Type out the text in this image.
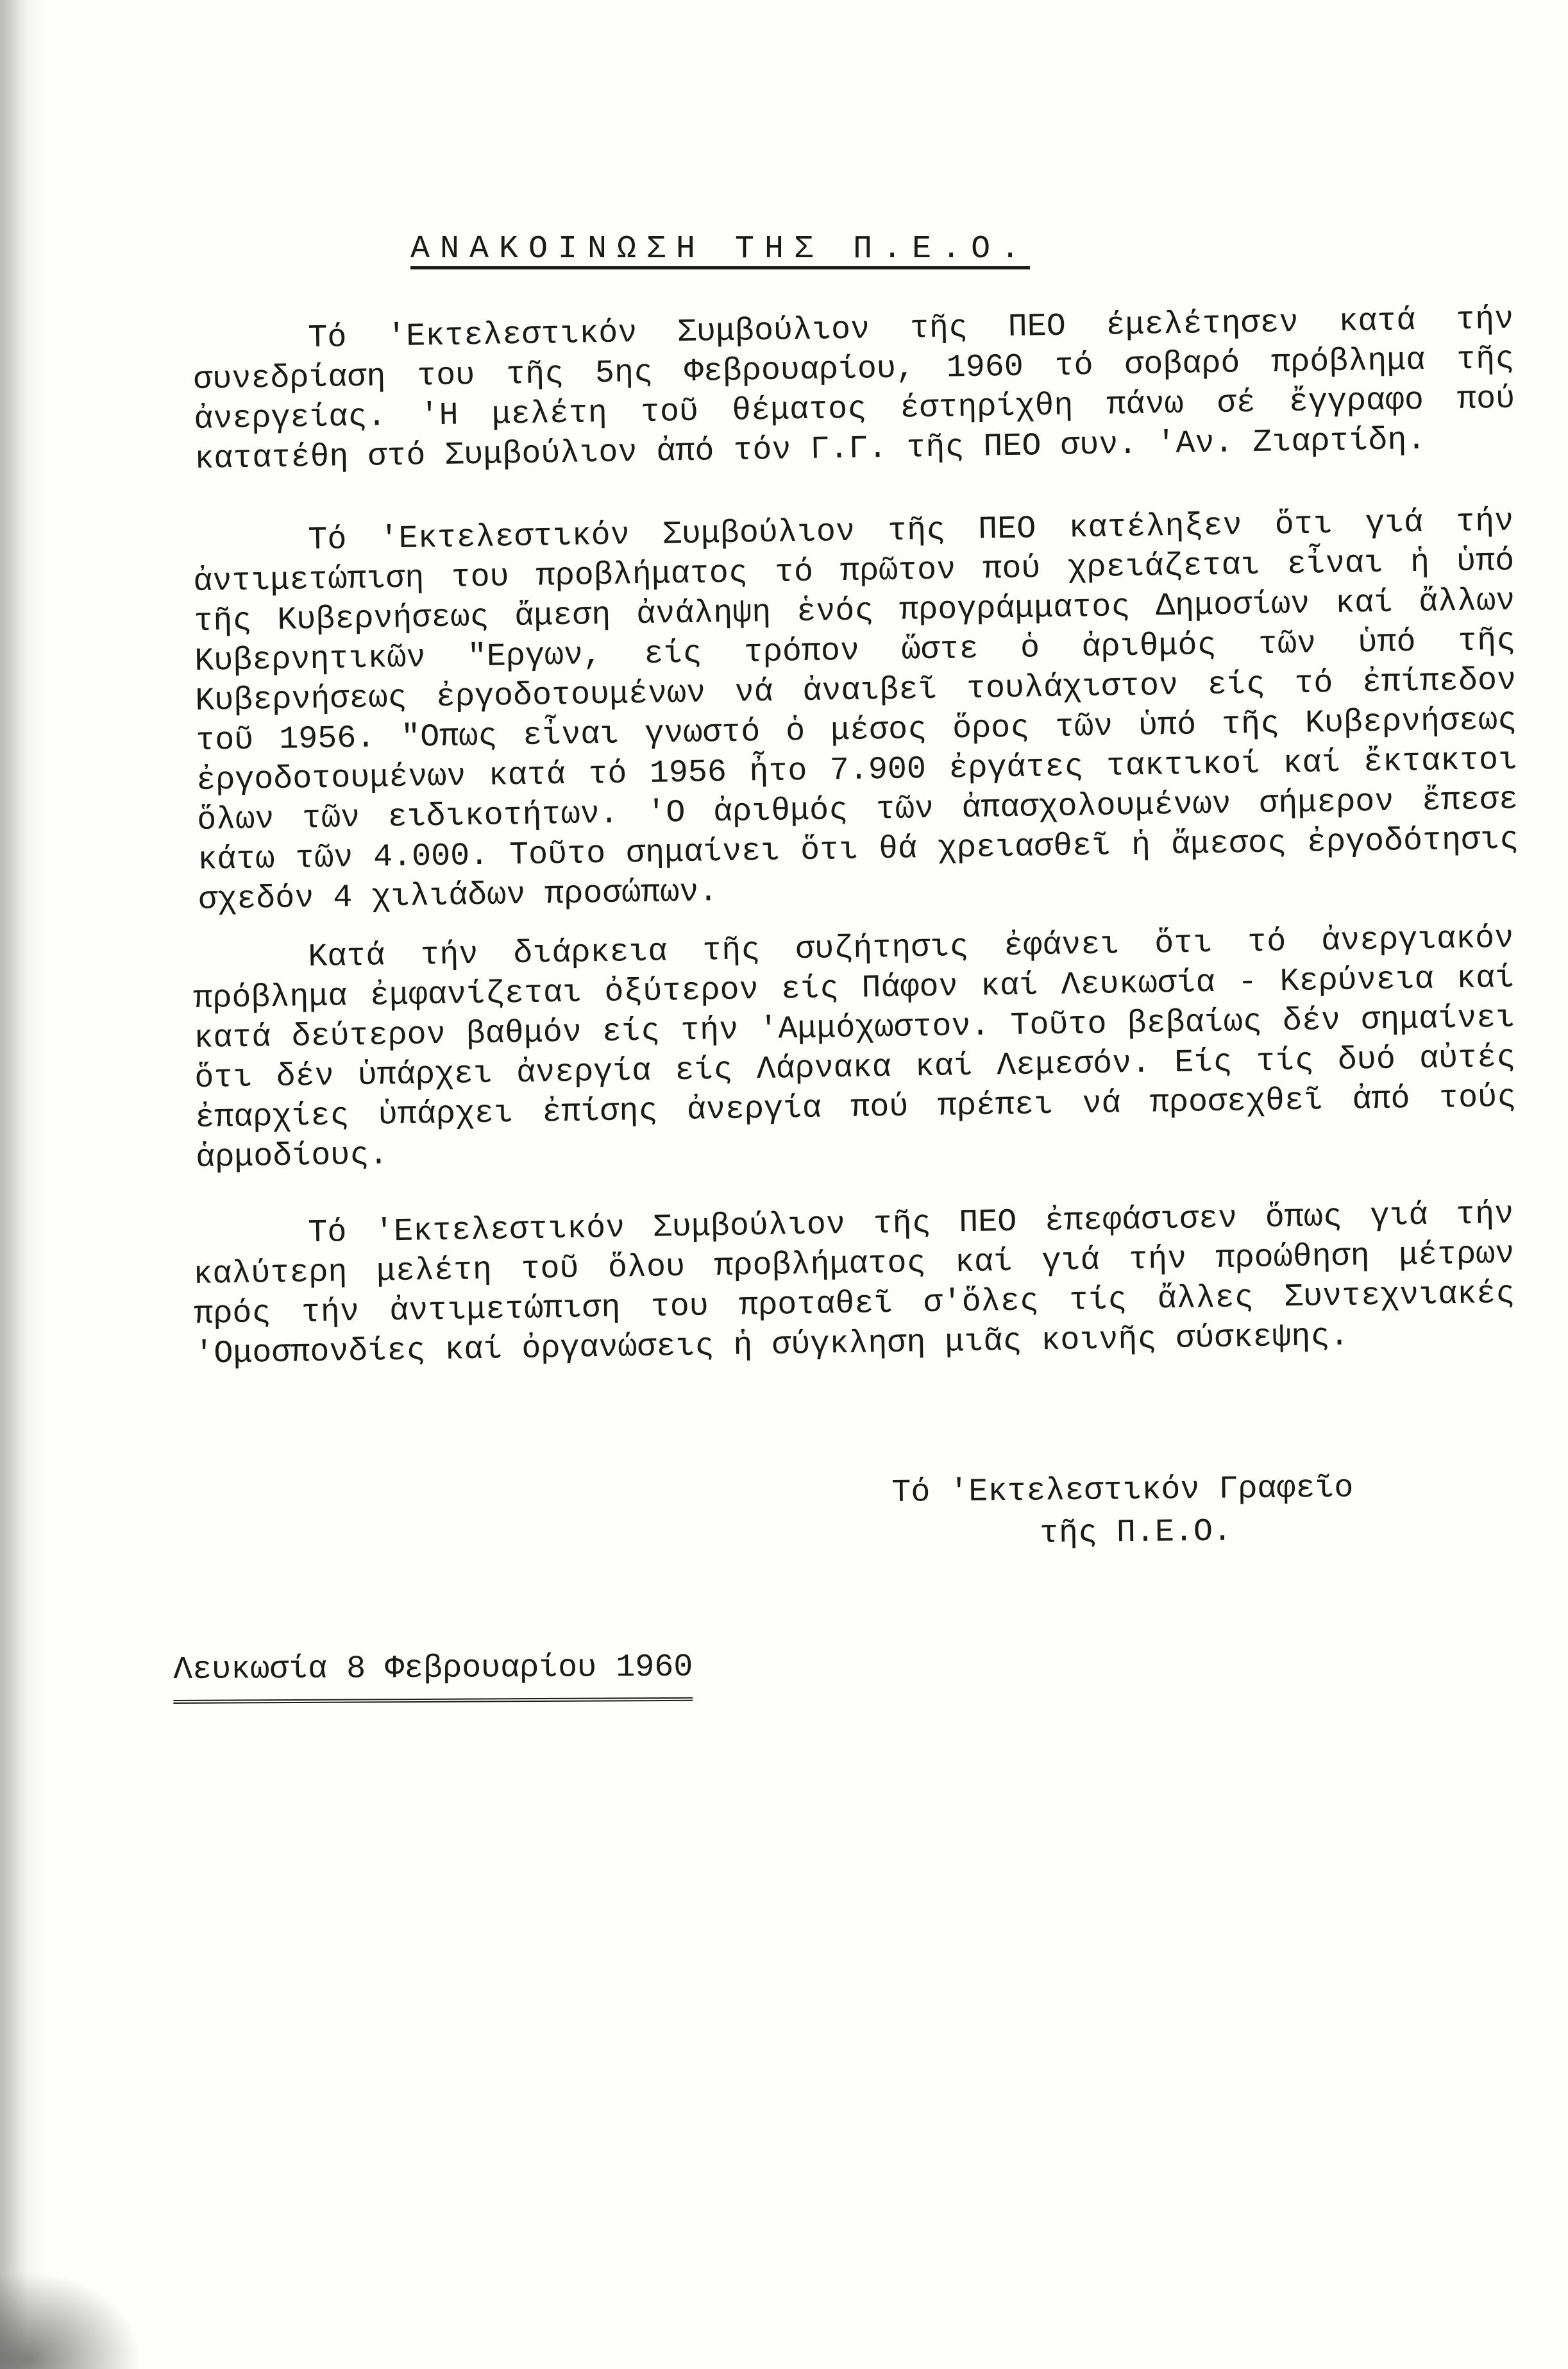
ΑΝΑΚΟΙΝΩΣΗ ΤΗΣ Π.Ε.Ο.

Τό 'Εκτελεστικόν Συμβούλιον τῆς ΠΕΟ έμελέτησεν κατά τήν συνεδρίαση του τῆς 5ης Φεβρουαρίου, 1960 τό σοβαρό πρόβλημα τῆς ἀνεργείας. 'Η μελέτη τοῦ θέματος έστηρίχθη πάνω σέ ἔγγραφο πού κατατέθη στό Συμβούλιον ἀπό τόν Γ.Γ. τῆς ΠΕΟ συν. 'Αν. Ζιαρτίδη.

Τό 'Εκτελεστικόν Συμβούλιον τῆς ΠΕΟ κατέληξεν ὅτι γιά τήν ἀντιμετώπιση του προβλήματος τό πρῶτον πού χρειάζεται εἶναι ἡ ὑπό τῆς Κυβερνήσεως ἄμεση ἀνάληψη ἑνός προγράμματος Δημοσίων καί ἄλλων Κυβερνητικῶν "Εργων, είς τρόπον ὥστε ὁ ἀριθμός τῶν ὑπό τῆς Κυβερνήσεως ἐργοδοτουμένων νά ἀναιβεῖ τουλάχιστον είς τό ἐπίπεδον τοῦ 1956. "Οπως εἶναι γνωστό ὁ μέσος ὅρος τῶν ὑπό τῆς Κυβερνήσεως ἐργοδοτουμένων κατά τό 1956 ἦτο 7.900 ἐργάτες τακτικοί καί ἔκτακτοι ὅλων τῶν ειδικοτήτων. 'Ο ἀριθμός τῶν ἀπασχολουμένων σήμερον ἔπεσε κάτω τῶν 4.000. Τοῦτο σημαίνει ὅτι θά χρειασθεῖ ἡ ἄμεσος ἐργοδότησις σχεδόν 4 χιλιάδων προσώπων.

Κατά τήν διάρκεια τῆς συζήτησις ἐφάνει ὅτι τό ἀνεργιακόν πρόβλημα ἐμφανίζεται ὀξύτερον είς Πάφον καί Λευκωσία - Κερύνεια καί κατά δεύτερον βαθμόν είς τήν 'Αμμόχωστον. Τοῦτο βεβαίως δέν σημαίνει ὅτι δέν ὑπάρχει ἀνεργία είς Λάρνακα καί Λεμεσόν. Είς τίς δυό αὐτές ἐπαρχίες ὑπάρχει ἐπίσης ἀνεργία πού πρέπει νά προσεχθεῖ ἀπό τούς ἁρμοδίους.

Τό 'Εκτελεστικόν Συμβούλιον τῆς ΠΕΟ ἐπεφάσισεν ὅπως γιά τήν καλύτερη μελέτη τοῦ ὅλου προβλήματος καί γιά τήν προώθηση μέτρων πρός τήν ἀντιμετώπιση του προταθεῖ σ'ὅλες τίς ἄλλες Συντεχνιακές 'Ομοσπονδίες καί ὀργανώσεις ἡ σύγκληση μιᾶς κοινῆς σύσκεψης.

Τό 'Εκτελεστικόν Γραφεῖο
τῆς Π.Ε.Ο.
Λευκωσία 8 Φεβρουαρίου 1960
